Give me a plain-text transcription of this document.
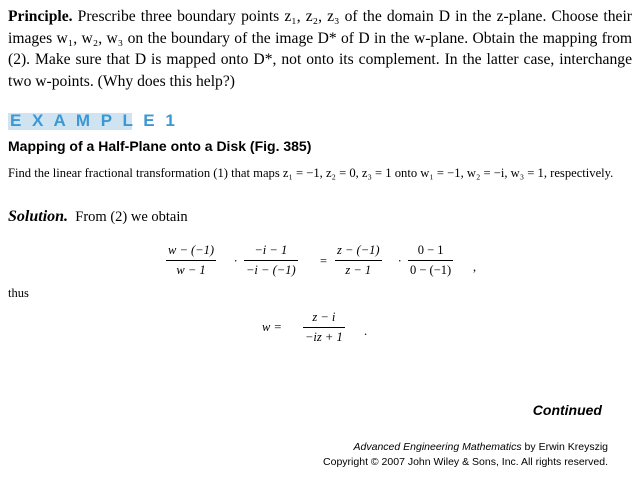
Principle. Prescribe three boundary points z₁, z₂, z₃ of the domain D in the z-plane. Choose their images w₁, w₂, w₃ on the boundary of the image D* of D in the w-plane. Obtain the mapping from (2). Make sure that D is mapped onto D*, not onto its complement. In the latter case, interchange two w-points. (Why does this help?)
E X A M P L E 1
Mapping of a Half-Plane onto a Disk (Fig. 385)
Find the linear fractional transformation (1) that maps z₁ = −1, z₂ = 0, z₃ = 1 onto w₁ = −1, w₂ = −i, w₃ = 1, respectively.
Solution. From (2) we obtain
w − (−1)
w − 1
·
−i − 1
−i − (−1)
=
z − (−1)
z − 1
·
0 − 1
0 − (−1) ,
thus
w =
z − i
−iz + 1 .
Continued
Advanced Engineering Mathematics by Erwin Kreyszig
Copyright © 2007 John Wiley & Sons, Inc. All rights reserved.
